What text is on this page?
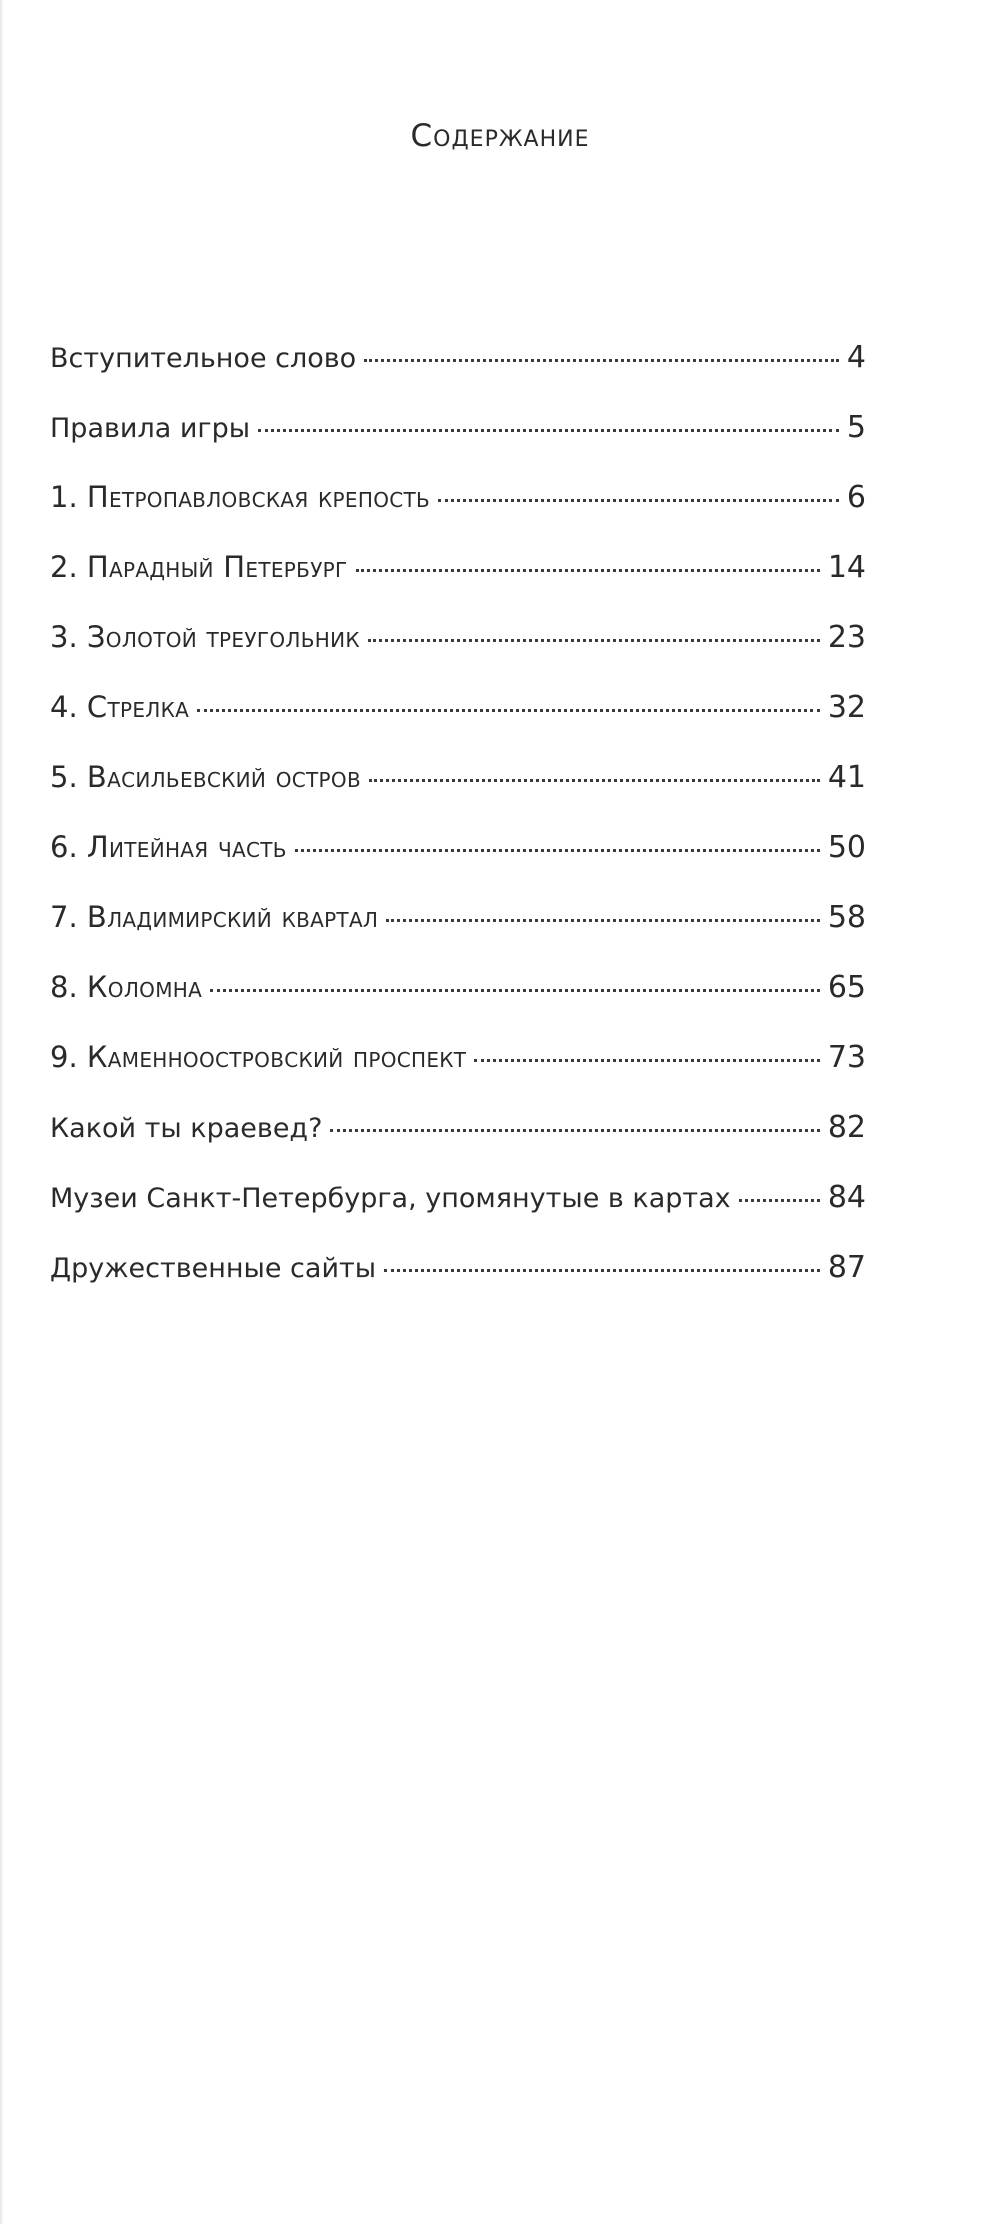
Содержание
Вступительное слово	4
Правила игры	5
1. Петропавловская крепость	6
2. Парадный Петербург	14
3. Золотой треугольник	23
4. Стрелка	32
5. Васильевский остров	41
6. Литейная часть	50
7. Владимирский квартал	58
8. Коломна	65
9. Каменноостровский проспект	73
Какой ты краевед?	82
Музеи Санкт-Петербурга, упомянутые в картах	84
Дружественные сайты	87
